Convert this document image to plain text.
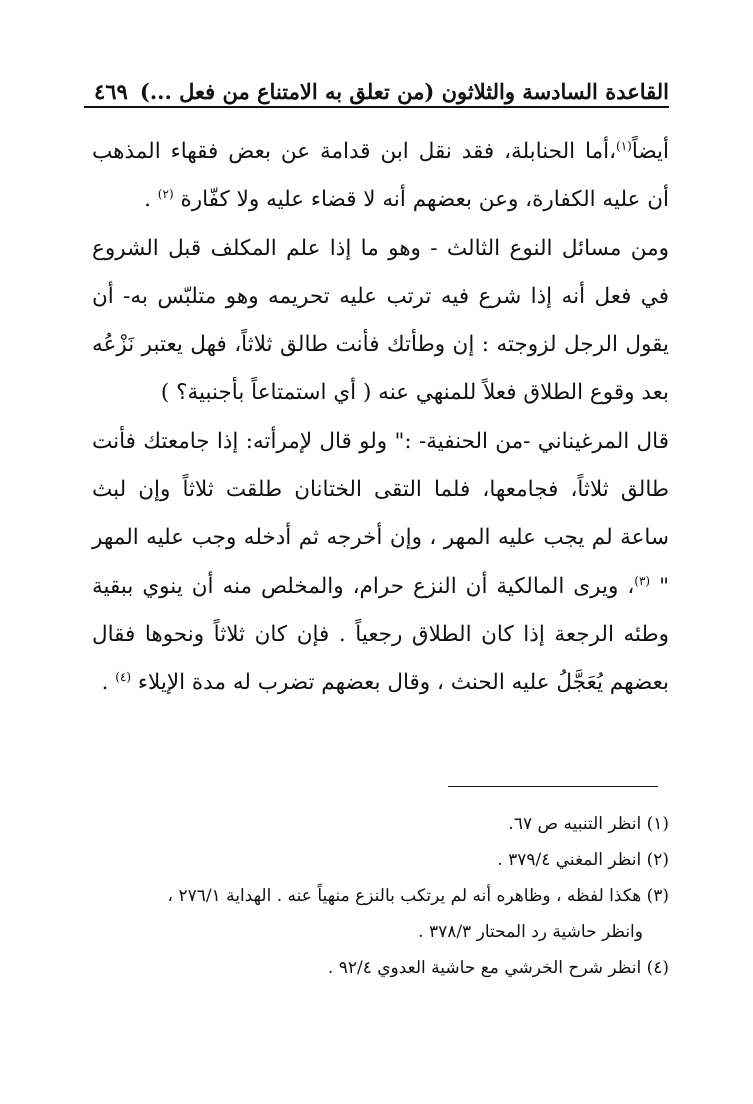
القاعدة السادسة والثلاثون (من تعلق به الامتناع من فعل ...)
٤٦٩

أيضاً$^{(١)}$،أما الحنابلة، فقد نقل ابن قدامة عن بعض فقهاء المذهب أن عليه الكفارة، وعن بعضهم أنه لا قضاء عليه ولا كفّارة $^{(٢)}$ .

ومن مسائل النوع الثالث - وهو ما إذا علم المكلف قبل الشروع في فعل أنه إذا شرع فيه ترتب عليه تحريمه وهو متلبّس به- أن يقول الرجل لزوجته : إن وطأتك فأنت طالق ثلاثاً، فهل يعتبر نَزْعُه بعد وقوع الطلاق فعلاً للمنهي عنه ( أي استمتاعاً بأجنبية؟ )

قال المرغيناني -من الحنفية- :" ولو قال لإمرأته: إذا جامعتك فأنت طالق ثلاثاً، فجامعها، فلما التقى الختانان طلقت ثلاثاً وإن لبث ساعة لم يجب عليه المهر ، وإن أخرجه ثم أدخله وجب عليه المهر " $^{(٣)}$، ويرى المالكية أن النزع حرام، والمخلص منه أن ينوي ببقية وطئه الرجعة إذا كان الطلاق رجعياً . فإن كان ثلاثاً ونحوها فقال بعضهم يُعَجَّلُ عليه الحنث ، وقال بعضهم تضرب له مدة الإيلاء $^{(٤)}$ .

(١) انظر التنبيه ص ٦٧.

(٢) انظر المغني ٣٧٩/٤ .

(٣) هكذا لفظه ، وظاهره أنه لم يرتكب بالنزع منهياً عنه . الهداية ٢٧٦/١ ،

وانظر حاشية رد المحتار ٣٧٨/٣ .

(٤) انظر شرح الخرشي مع حاشية العدوي ٩٢/٤ .
